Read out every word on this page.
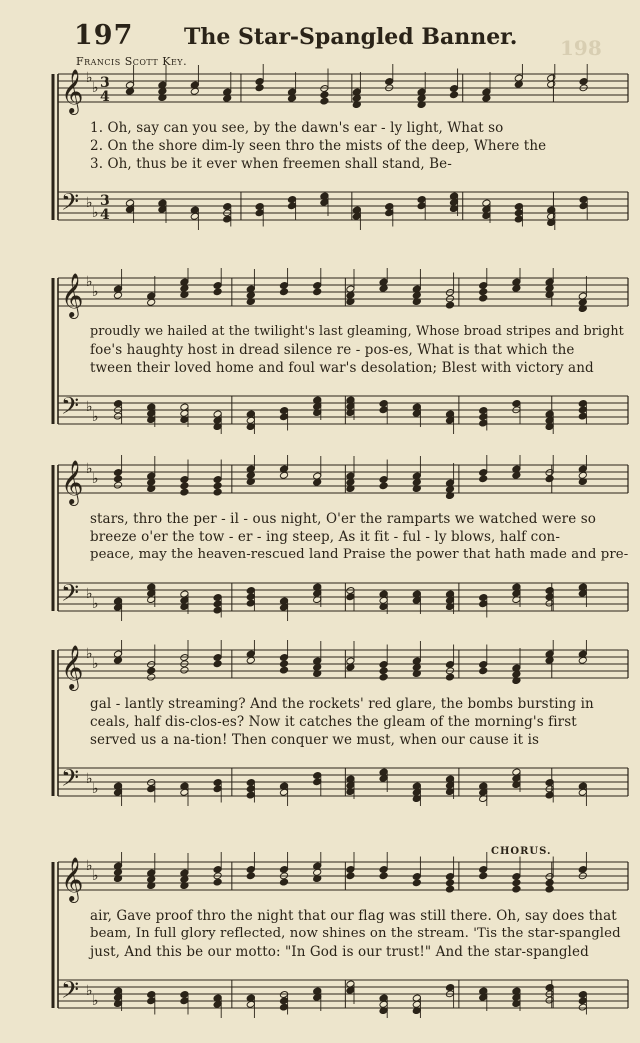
197 The Star-Spangled Banner.
Francis Scott Key.
198
𝄞
𝄢
♭
♭
♭
♭
3
4
3
4
1. Oh, say can you see, by the dawn's ear - ly light, What so
2. On the shore dim-ly seen thro the mists of the deep, Where the
3. Oh, thus be it ever when freemen shall stand, Be-
𝄞
𝄢
♭
♭
♭
♭
proudly we hailed at the twilight's last gleaming, Whose broad stripes and bright
foe's haughty host in dread silence re - pos-es, What is that which the
tween their loved home and foul war's desolation; Blest with victory and
𝄞
𝄢
♭
♭
♭
♭
stars, thro the per - il - ous night, O'er the ramparts we watched were so
breeze o'er the tow - er - ing steep, As it fit - ful - ly blows, half con-
peace, may the heaven-rescued land Praise the power that hath made and pre-
𝄞
𝄢
♭
♭
♭
♭
gal - lantly streaming? And the rockets' red glare, the bombs bursting in
ceals, half dis-clos-es? Now it catches the gleam of the morning's first
served us a na-tion! Then conquer we must, when our cause it is
𝄞
𝄢
♭
♭
♭
♭
air, Gave proof thro the night that our flag was still there. Oh, say does that
beam, In full glory reflected, now shines on the stream. 'Tis the star-spangled
just, And this be our motto: "In God is our trust!" And the star-spangled
CHORUS.
